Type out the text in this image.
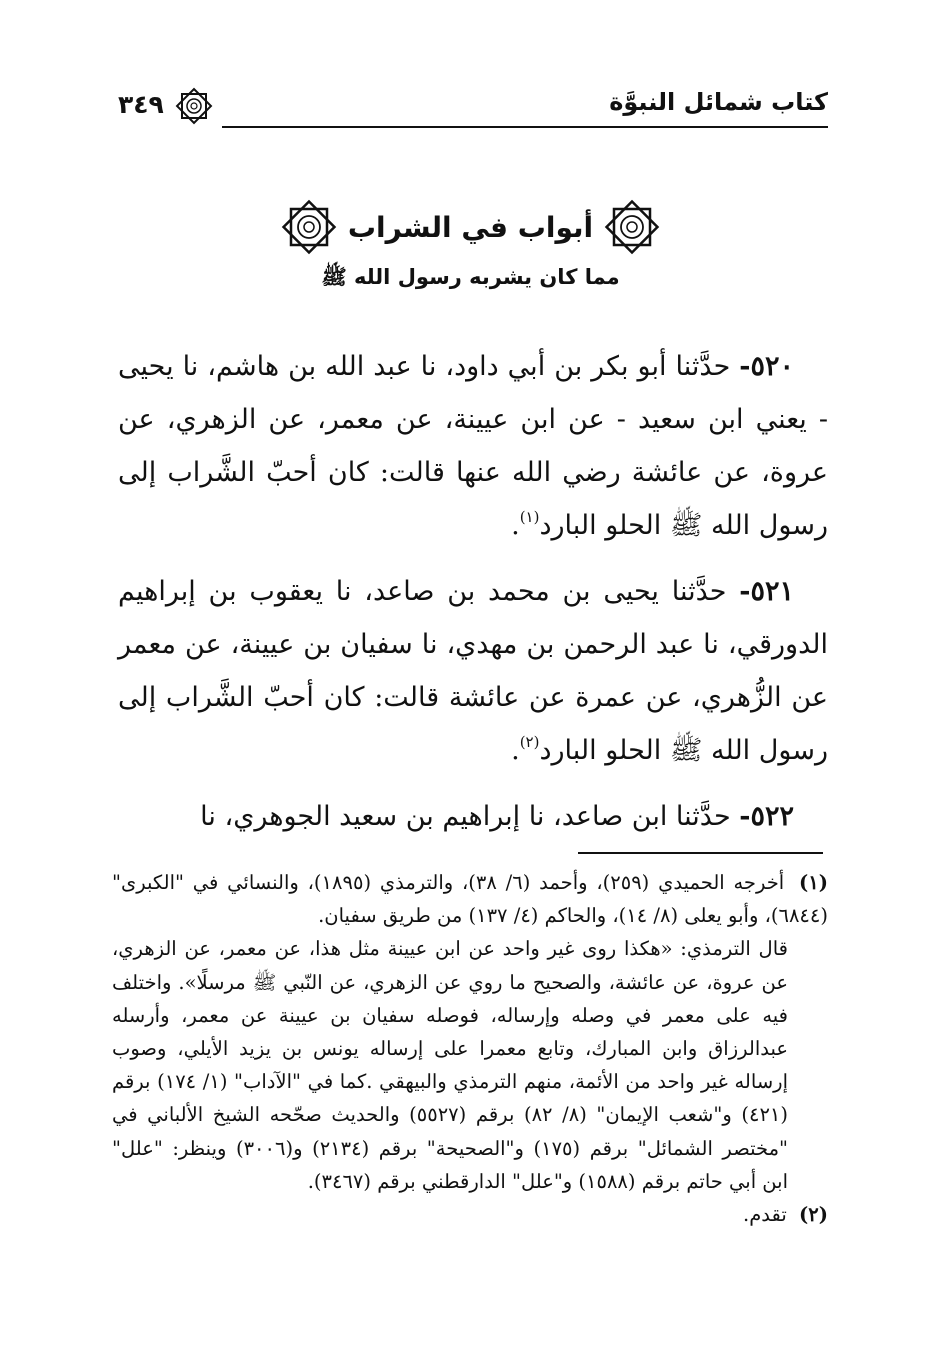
٣٤٩	كتاب شمائل النبوَّة
أبواب في الشراب
مما كان يشربه رسول الله ﷺ

٥٢٠- حدَّثنا أبو بكر بن أبي داود، نا عبد الله بن هاشم، نا يحيى - يعني ابن سعيد - عن ابن عيينة، عن معمر، عن الزهري، عن عروة، عن عائشة رضي الله عنها قالت: كان أحبّ الشَّراب إلى رسول الله ﷺ الحلو البارد$^{(١)}$.

٥٢١- حدَّثنا يحيى بن محمد بن صاعد، نا يعقوب بن إبراهيم الدورقي، نا عبد الرحمن بن مهدي، نا سفيان بن عيينة، عن معمر عن الزُّهري، عن عمرة عن عائشة قالت: كان أحبّ الشَّراب إلى رسول الله ﷺ الحلو البارد$^{(٢)}$.

٥٢٢- حدَّثنا ابن صاعد، نا إبراهيم بن سعيد الجوهري، نا

(١) أخرجه الحميدي (٢٥٩)، وأحمد (٦/ ٣٨)، والترمذي (١٨٩٥)، والنسائي في "الكبرى" (٦٨٤٤)، وأبو يعلى (٨/ ١٤)، والحاكم (٤/ ١٣٧) من طريق سفيان.

قال الترمذي: «هكذا روى غير واحد عن ابن عيينة مثل هذا، عن معمر، عن الزهري، عن عروة، عن عائشة، والصحيح ما روي عن الزهري، عن النّبي ﷺ مرسلًا». واختلف فيه على معمر في وصله وإرساله، فوصله سفيان بن عيينة عن معمر، وأرسله عبدالرزاق وابن المبارك، وتابع معمرا على إرساله يونس بن يزيد الأيلي، وصوب إرساله غير واحد من الأئمة، منهم الترمذي والبيهقي .كما في "الآداب" (١/ ١٧٤) برقم (٤٢١) و"شعب الإيمان" (٨/ ٨٢) برقم (٥٥٢٧) والحديث صحّحه الشيخ الألباني في "مختصر الشمائل" برقم (١٧٥) و"الصحيحة" برقم (٢١٣٤) و(٣٠٠٦) وينظر: "علل" ابن أبي حاتم برقم (١٥٨٨) و"علل" الدارقطني برقم (٣٤٦٧).

(٢) تقدم.
